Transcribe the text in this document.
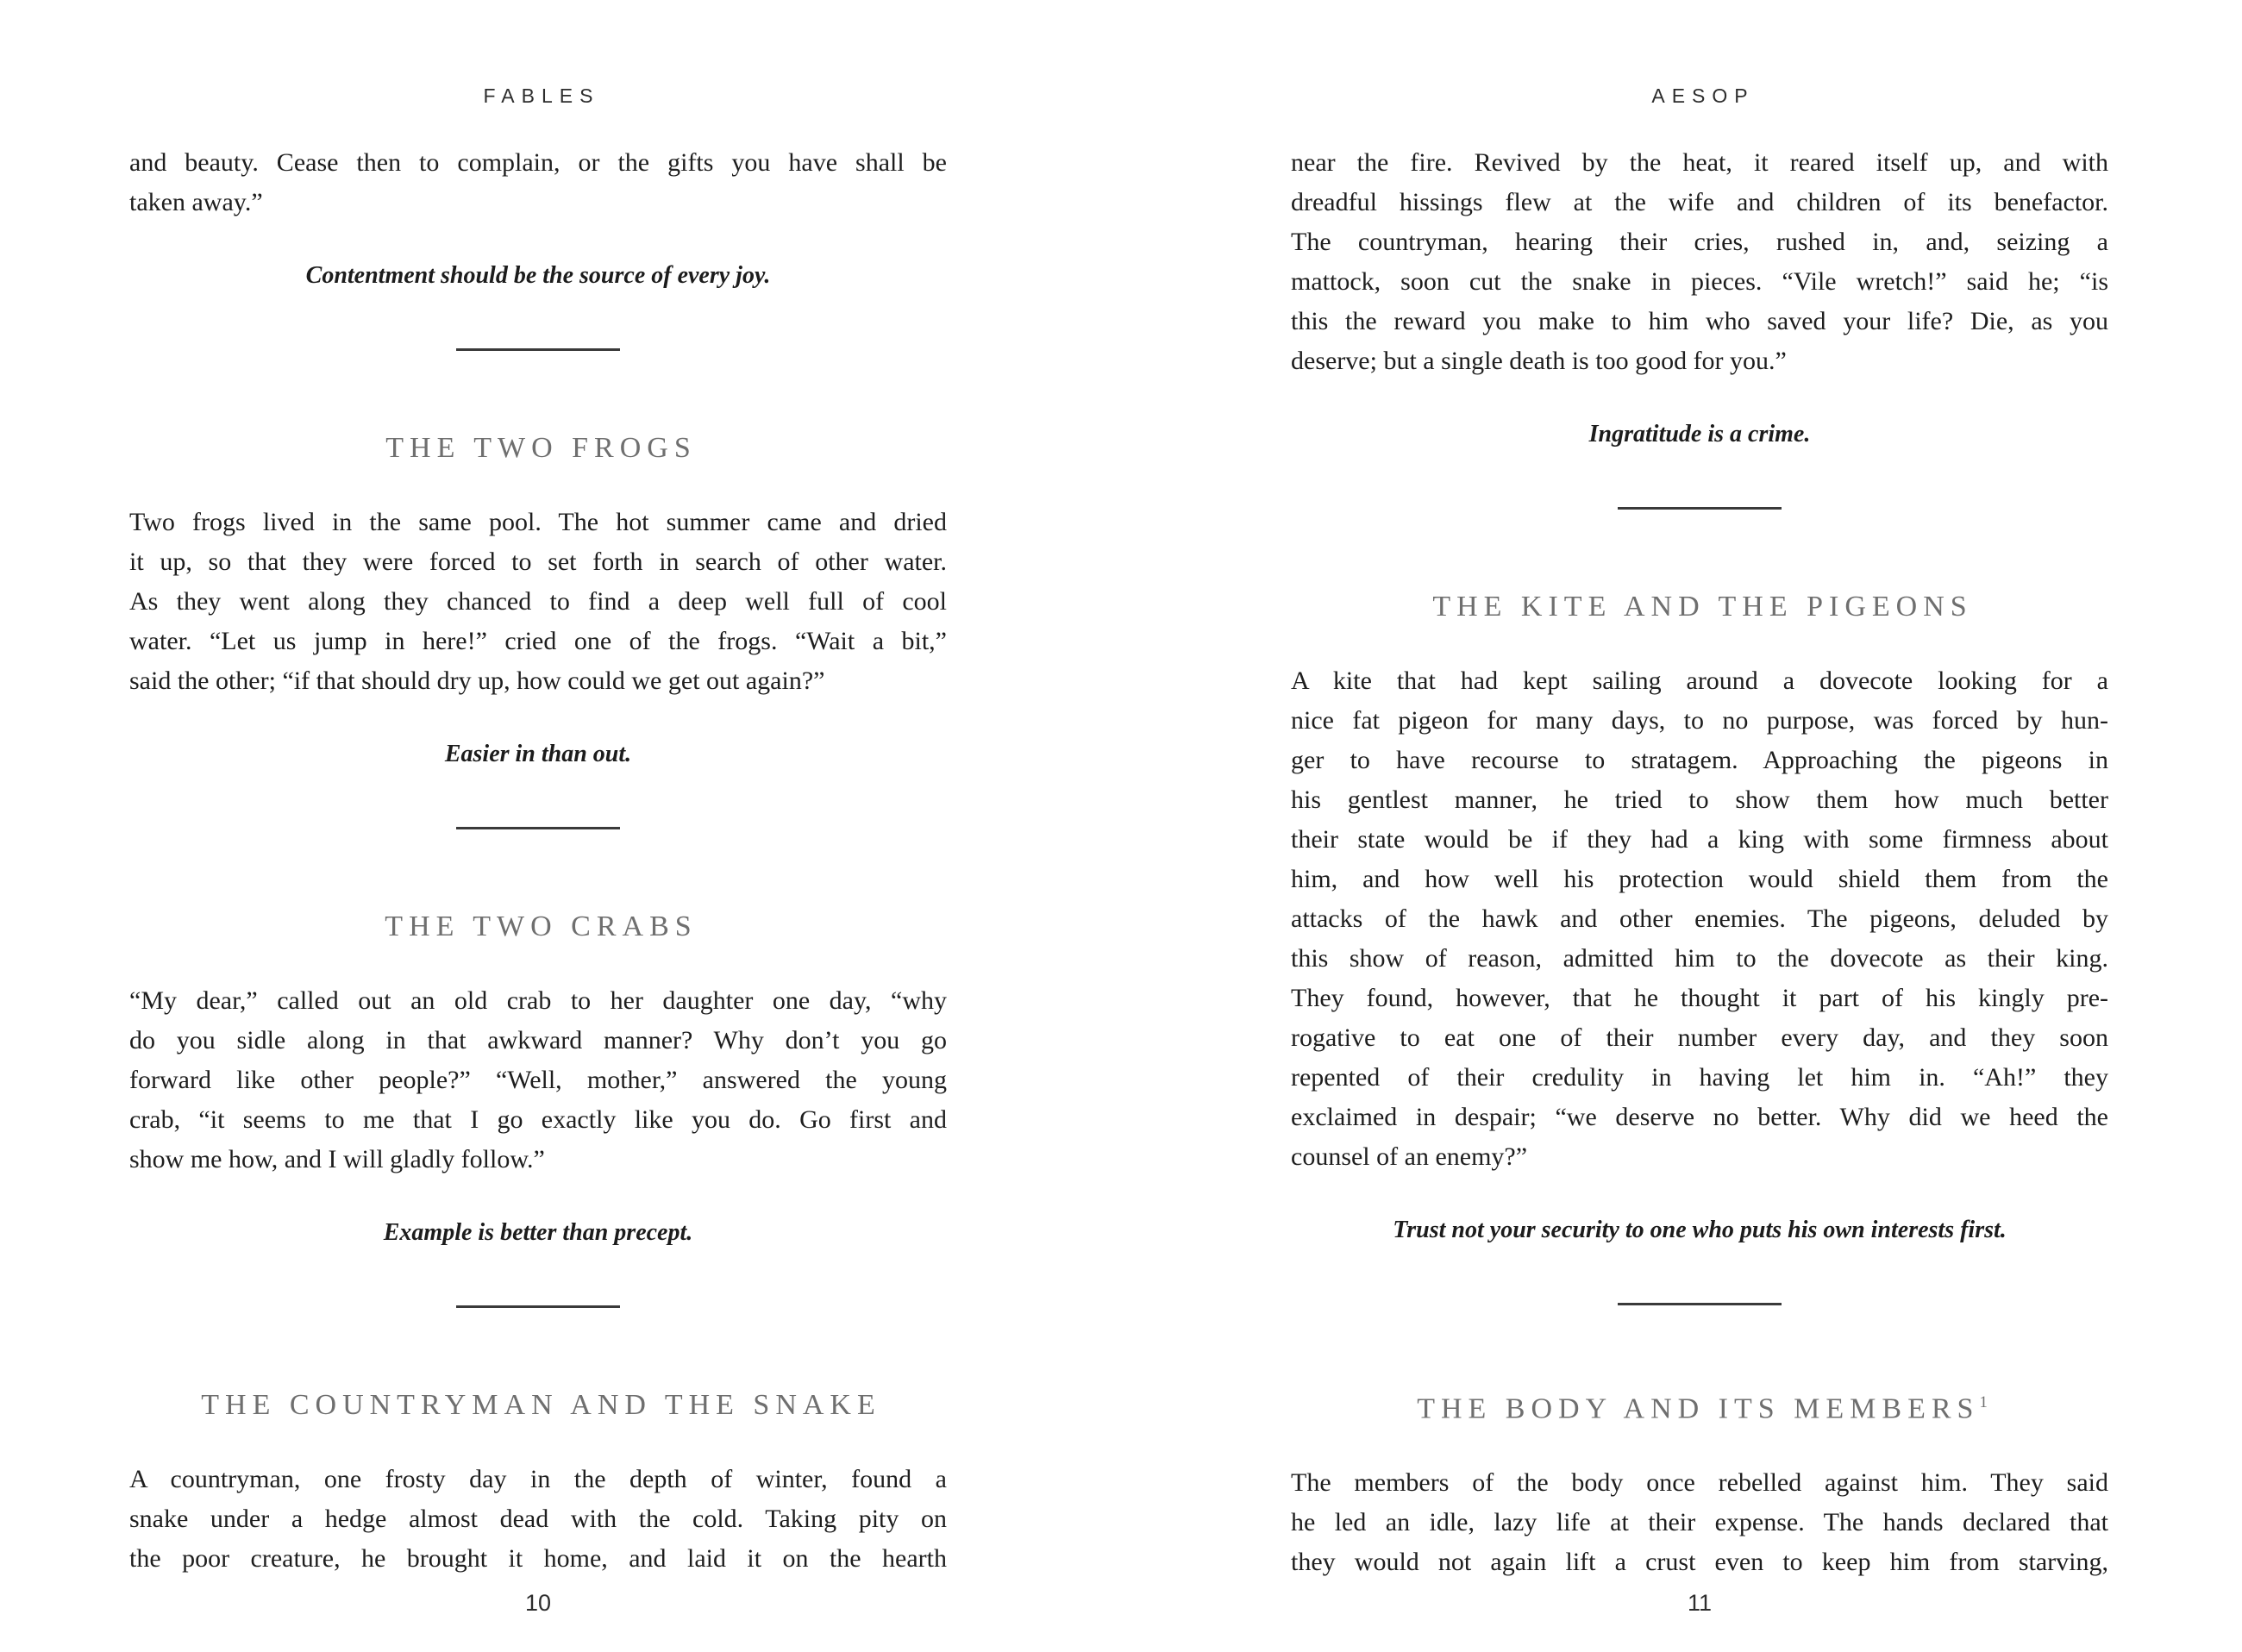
FABLES
and beauty. Cease then to complain, or the gifts you have shall be
taken away.”
Contentment should be the source of every joy.
THE TWO FROGS
Two frogs lived in the same pool. The hot summer came and dried
it up, so that they were forced to set forth in search of other water.
As they went along they chanced to find a deep well full of cool
water. “Let us jump in here!” cried one of the frogs. “Wait a bit,”
said the other; “if that should dry up, how could we get out again?”
Easier in than out.
THE TWO CRABS
“My dear,” called out an old crab to her daughter one day, “why
do you sidle along in that awkward manner? Why don’t you go
forward like other people?” “Well, mother,” answered the young
crab, “it seems to me that I go exactly like you do. Go first and
show me how, and I will gladly follow.”
Example is better than precept.
THE COUNTRYMAN AND THE SNAKE
A countryman, one frosty day in the depth of winter, found a
snake under a hedge almost dead with the cold. Taking pity on
the poor creature, he brought it home, and laid it on the hearth
10
AESOP
near the fire. Revived by the heat, it reared itself up, and with
dreadful hissings flew at the wife and children of its benefactor.
The countryman, hearing their cries, rushed in, and, seizing a
mattock, soon cut the snake in pieces. “Vile wretch!” said he; “is
this the reward you make to him who saved your life? Die, as you
deserve; but a single death is too good for you.”
Ingratitude is a crime.
THE KITE AND THE PIGEONS
A kite that had kept sailing around a dovecote looking for a
nice fat pigeon for many days, to no purpose, was forced by hun-
ger to have recourse to stratagem. Approaching the pigeons in
his gentlest manner, he tried to show them how much better
their state would be if they had a king with some firmness about
him, and how well his protection would shield them from the
attacks of the hawk and other enemies. The pigeons, deluded by
this show of reason, admitted him to the dovecote as their king.
They found, however, that he thought it part of his kingly pre-
rogative to eat one of their number every day, and they soon
repented of their credulity in having let him in. “Ah!” they
exclaimed in despair; “we deserve no better. Why did we heed the
counsel of an enemy?”
Trust not your security to one who puts his own interests first.
THE BODY AND ITS MEMBERS$^1$
The members of the body once rebelled against him. They said
he led an idle, lazy life at their expense. The hands declared that
they would not again lift a crust even to keep him from starving,
11
